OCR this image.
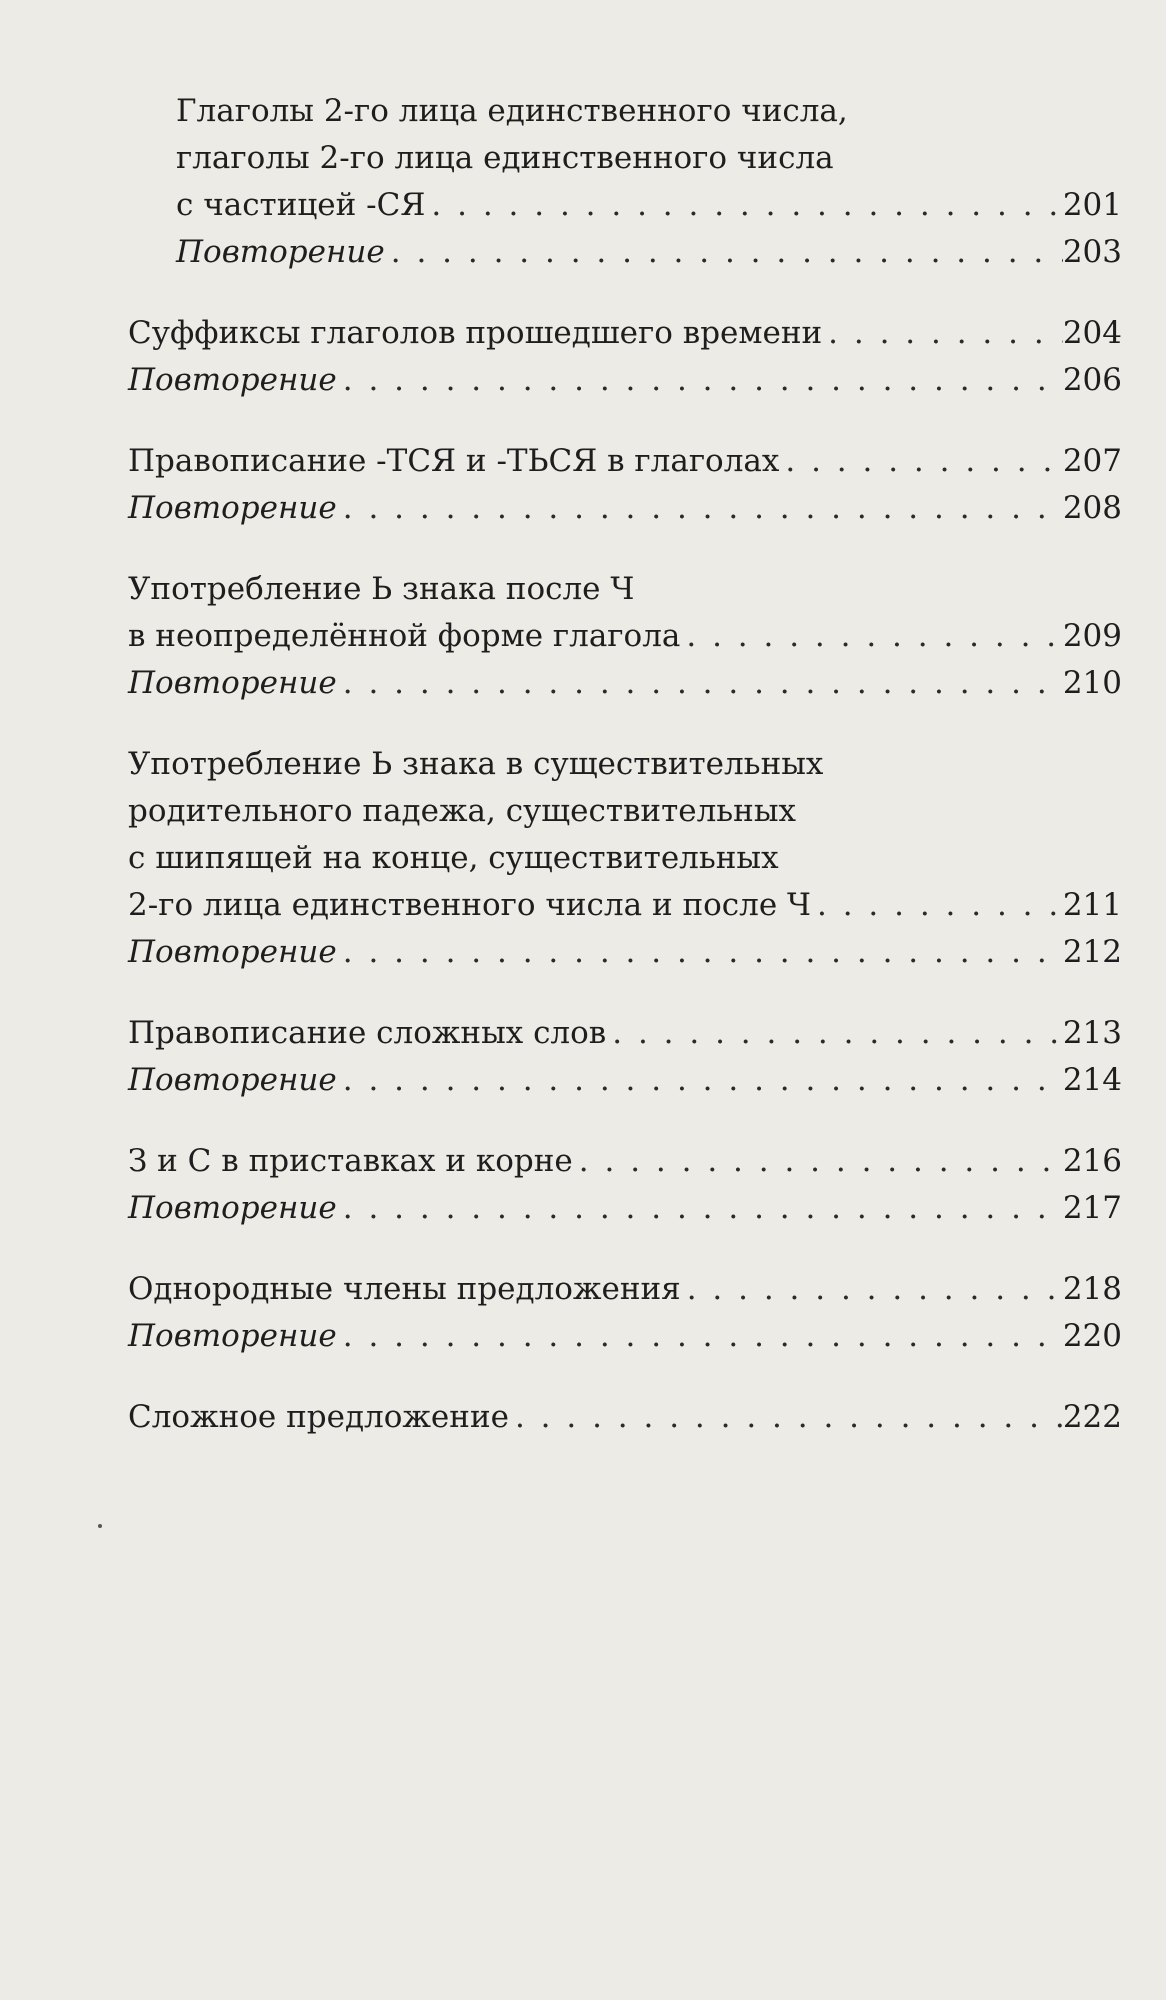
Глаголы 2-го лица единственного числа,
глаголы 2-го лица единственного числа
с частицей -СЯ . . .	201
Повторение . . .	203
Суффиксы глаголов прошедшего времени . . .	204
Повторение . . .	206
Правописание -ТСЯ и -ТЬСЯ в глаголах . . .	207
Повторение . . .	208
Употребление Ь знака после Ч
в неопределённой форме глагола . . .	209
Повторение . . .	210
Употребление Ь знака в существительных
родительного падежа, существительных
с шипящей на конце, существительных
2-го лица единственного числа и после Ч . . .	211
Повторение . . .	212
Правописание сложных слов . . .	213
Повторение . . .	214
З и С в приставках и корне . . .	216
Повторение . . .	217
Однородные члены предложения . . .	218
Повторение . . .	220
Сложное предложение . . .	222
